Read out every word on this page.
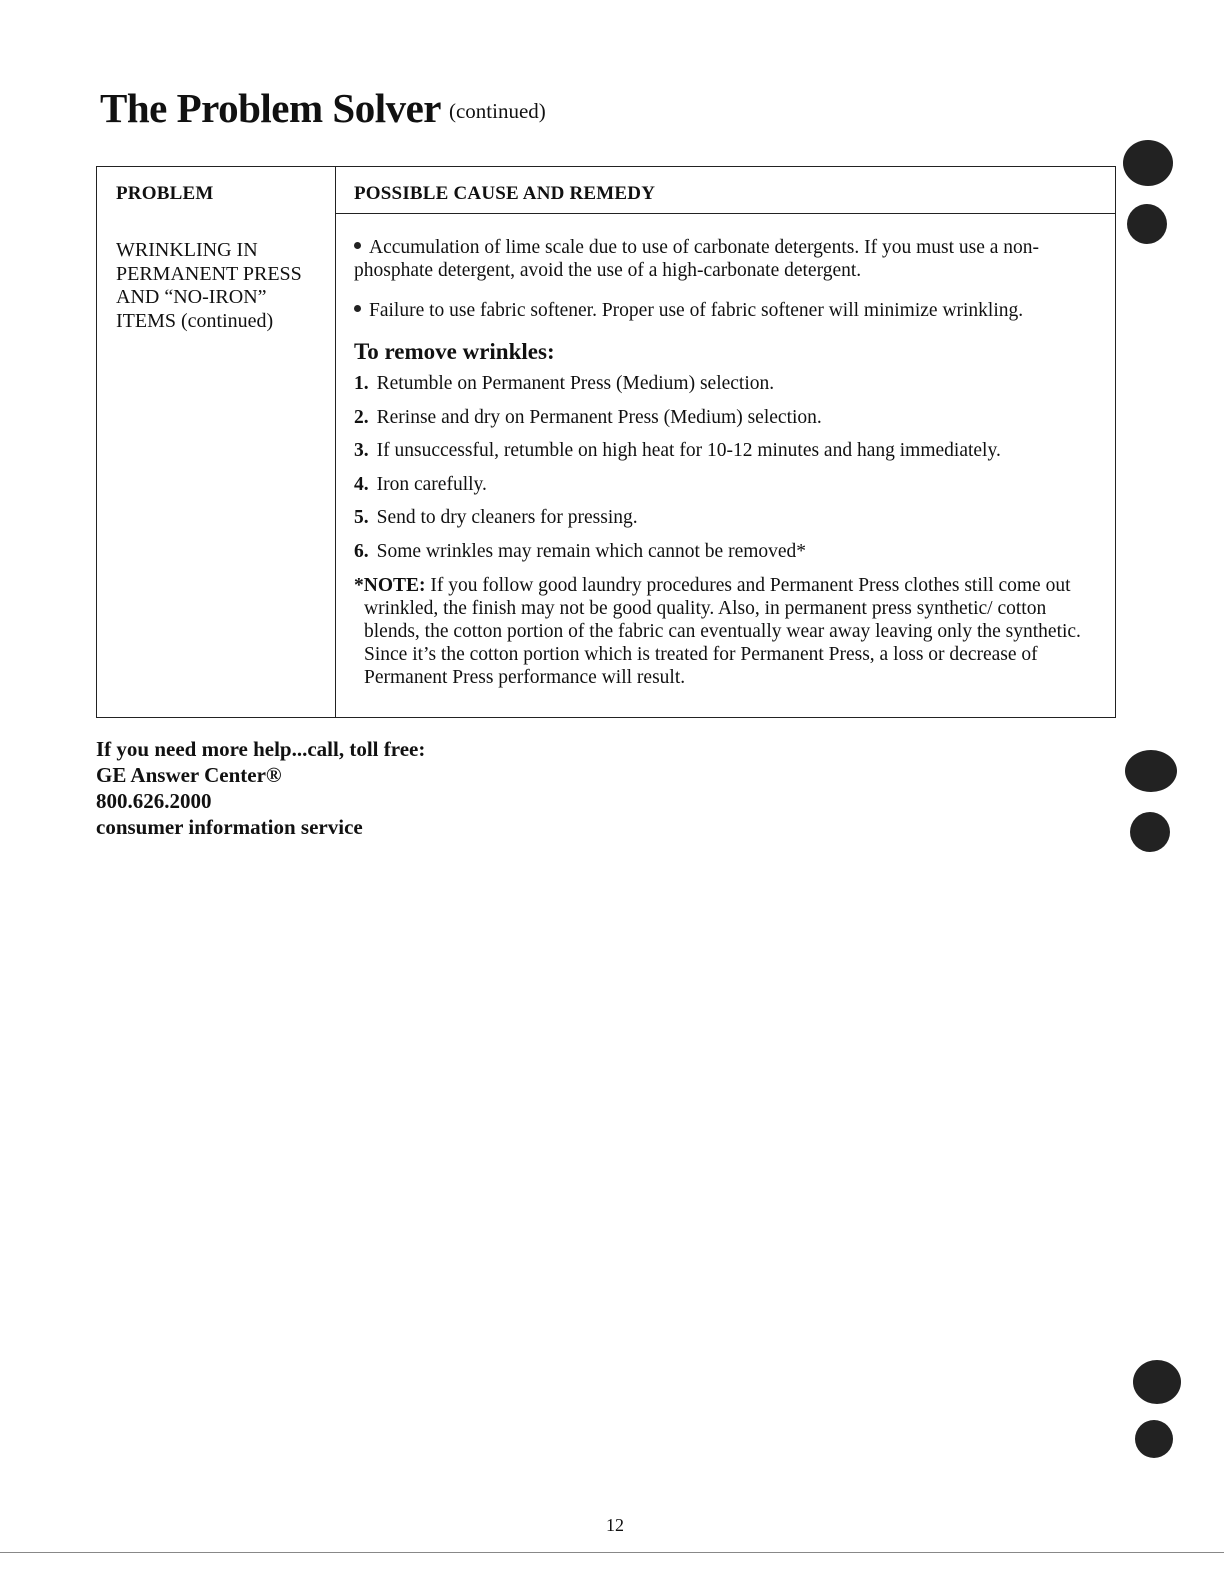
The Problem Solver (continued)
PROBLEM	POSSIBLE CAUSE AND REMEDY
WRINKLING IN
PERMANENT PRESS
AND “NO-IRON”
ITEMS (continued)

Accumulation of lime scale due to use of carbonate detergents. If you must use a non-phosphate detergent, avoid the use of a high-carbonate detergent.

Failure to use fabric softener. Proper use of fabric softener will minimize wrinkling.

To remove wrinkles:
1. Retumble on Permanent Press (Medium) selection.
2. Rerinse and dry on Permanent Press (Medium) selection.
3. If unsuccessful, retumble on high heat for 10-12 minutes and hang immediately.
4. Iron carefully.
5. Send to dry cleaners for pressing.
6. Some wrinkles may remain which cannot be removed*

*NOTE: If you follow good laundry procedures and Permanent Press clothes still come out wrinkled, the finish may not be good quality. Also, in permanent press synthetic/ cotton blends, the cotton portion of the fabric can eventually wear away leaving only the synthetic. Since it’s the cotton portion which is treated for Permanent Press, a loss or decrease of Permanent Press performance will result.

If you need more help...call, toll free:
GE Answer Center®
800.626.2000
consumer information service
12
